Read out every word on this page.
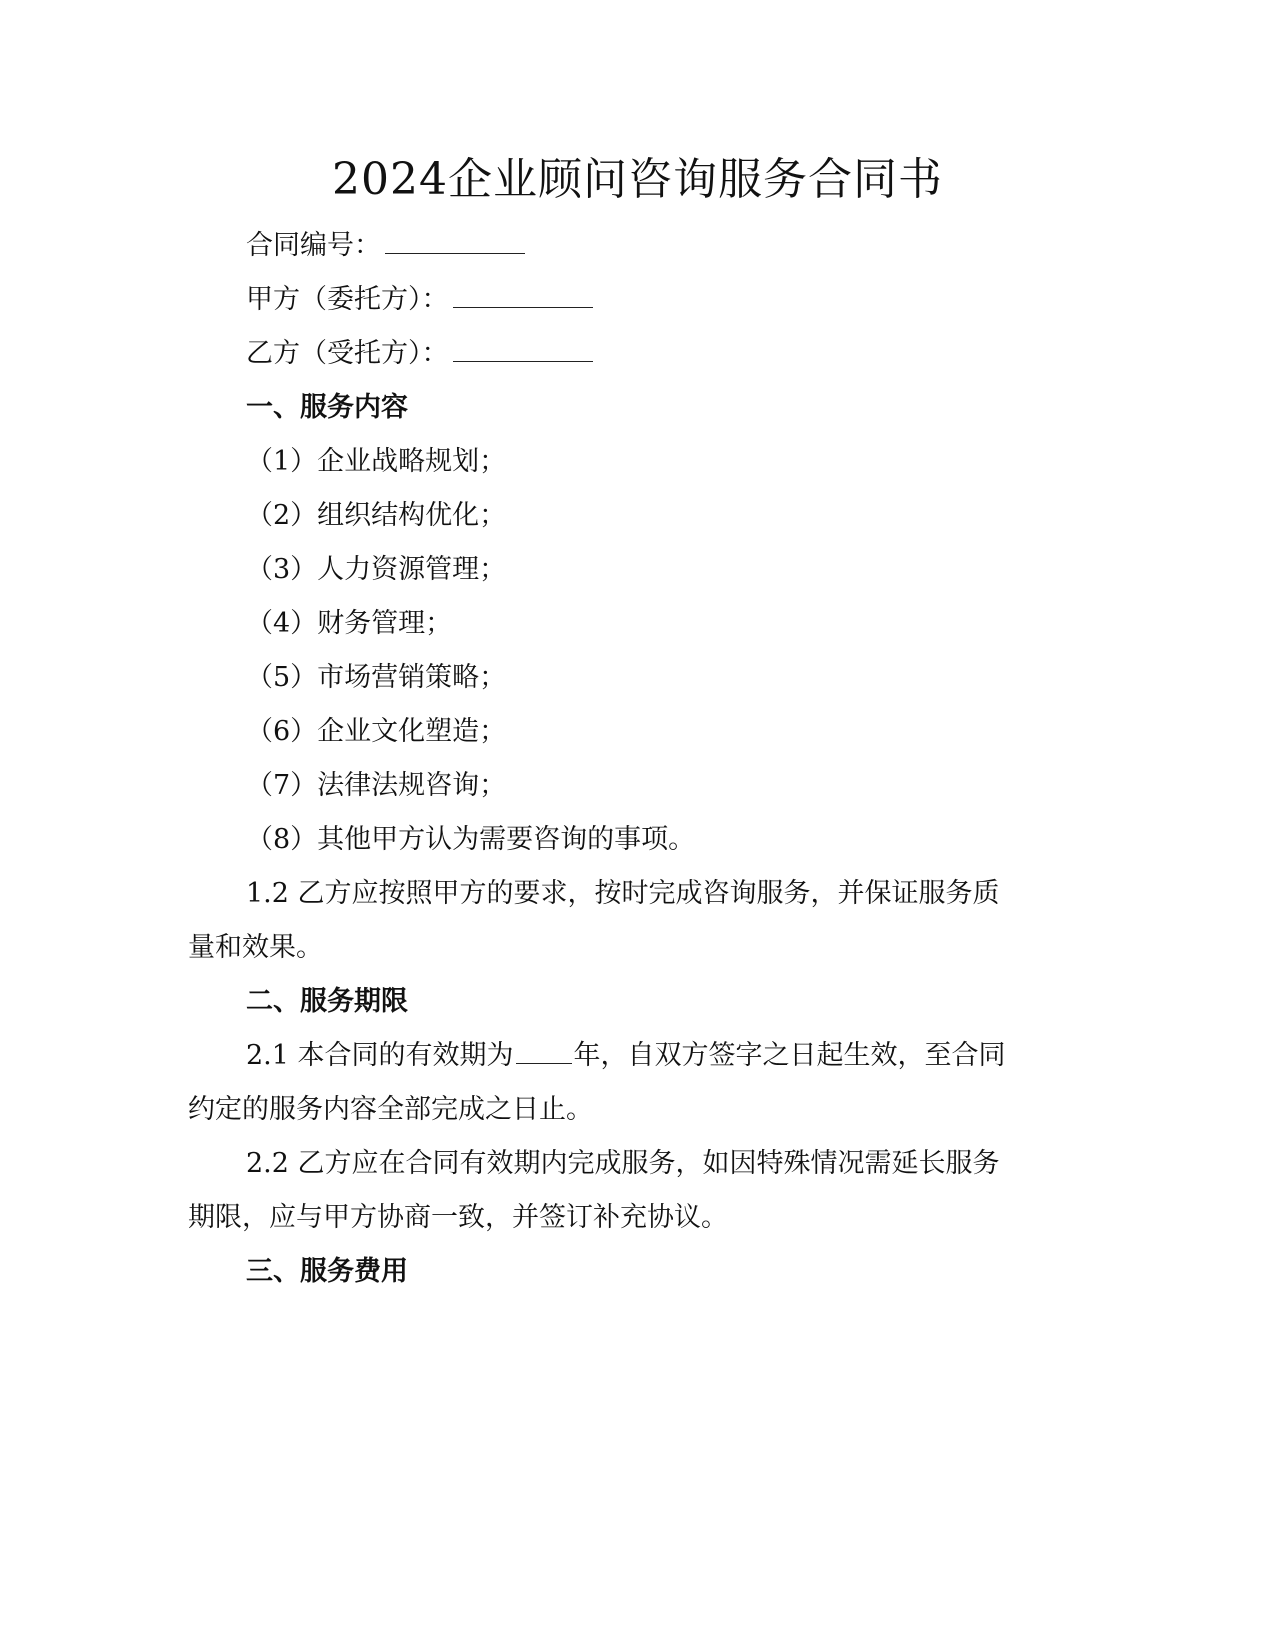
2024企业顾问咨询服务合同书
合同编号：
甲方（委托方）：
乙方（受托方）：
一、服务内容
（1）企业战略规划；
（2）组织结构优化；
（3）人力资源管理；
（4）财务管理；
（5）市场营销策略；
（6）企业文化塑造；
（7）法律法规咨询；
（8）其他甲方认为需要咨询的事项。
1.2 乙方应按照甲方的要求，按时完成咨询服务，并保证服务质
量和效果。
二、服务期限
2.1 本合同的有效期为 年，自双方签字之日起生效，至合同
约定的服务内容全部完成之日止。
2.2 乙方应在合同有效期内完成服务，如因特殊情况需延长服务
期限，应与甲方协商一致，并签订补充协议。
三、服务费用
